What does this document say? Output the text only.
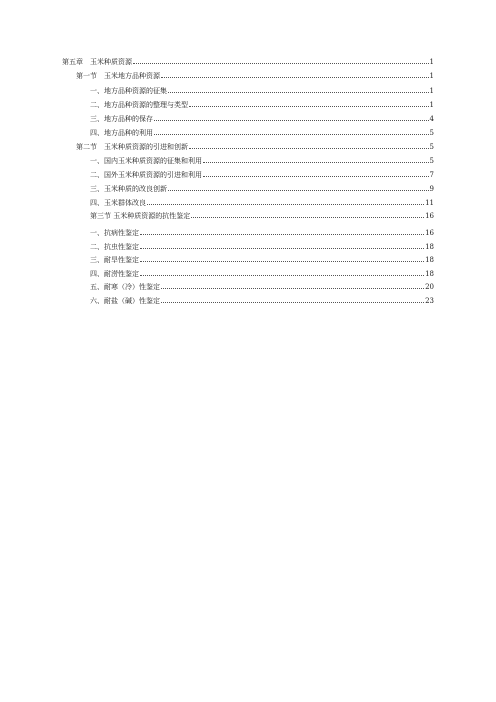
第五章　玉米种质资源	1
第一节　玉米地方品种资源	1
一、地方品种资源的征集	1
二、地方品种资源的整理与类型	1
三、地方品种的保存	4
四、地方品种的利用	5
第二节　玉米种质资源的引进和创新	5
一、国内玉米种质资源的征集和利用	5
二、国外玉米种质资源的引进和利用	7
三、玉米种质的改良创新	9
四、玉米群体改良	11
第三节 玉米种质资源的抗性鉴定	16
一、抗病性鉴定	16
二、抗虫性鉴定	18
三、耐旱性鉴定	18
四、耐涝性鉴定	18
五、耐寒（冷）性鉴定	20
六、耐盐（碱）性鉴定	23
